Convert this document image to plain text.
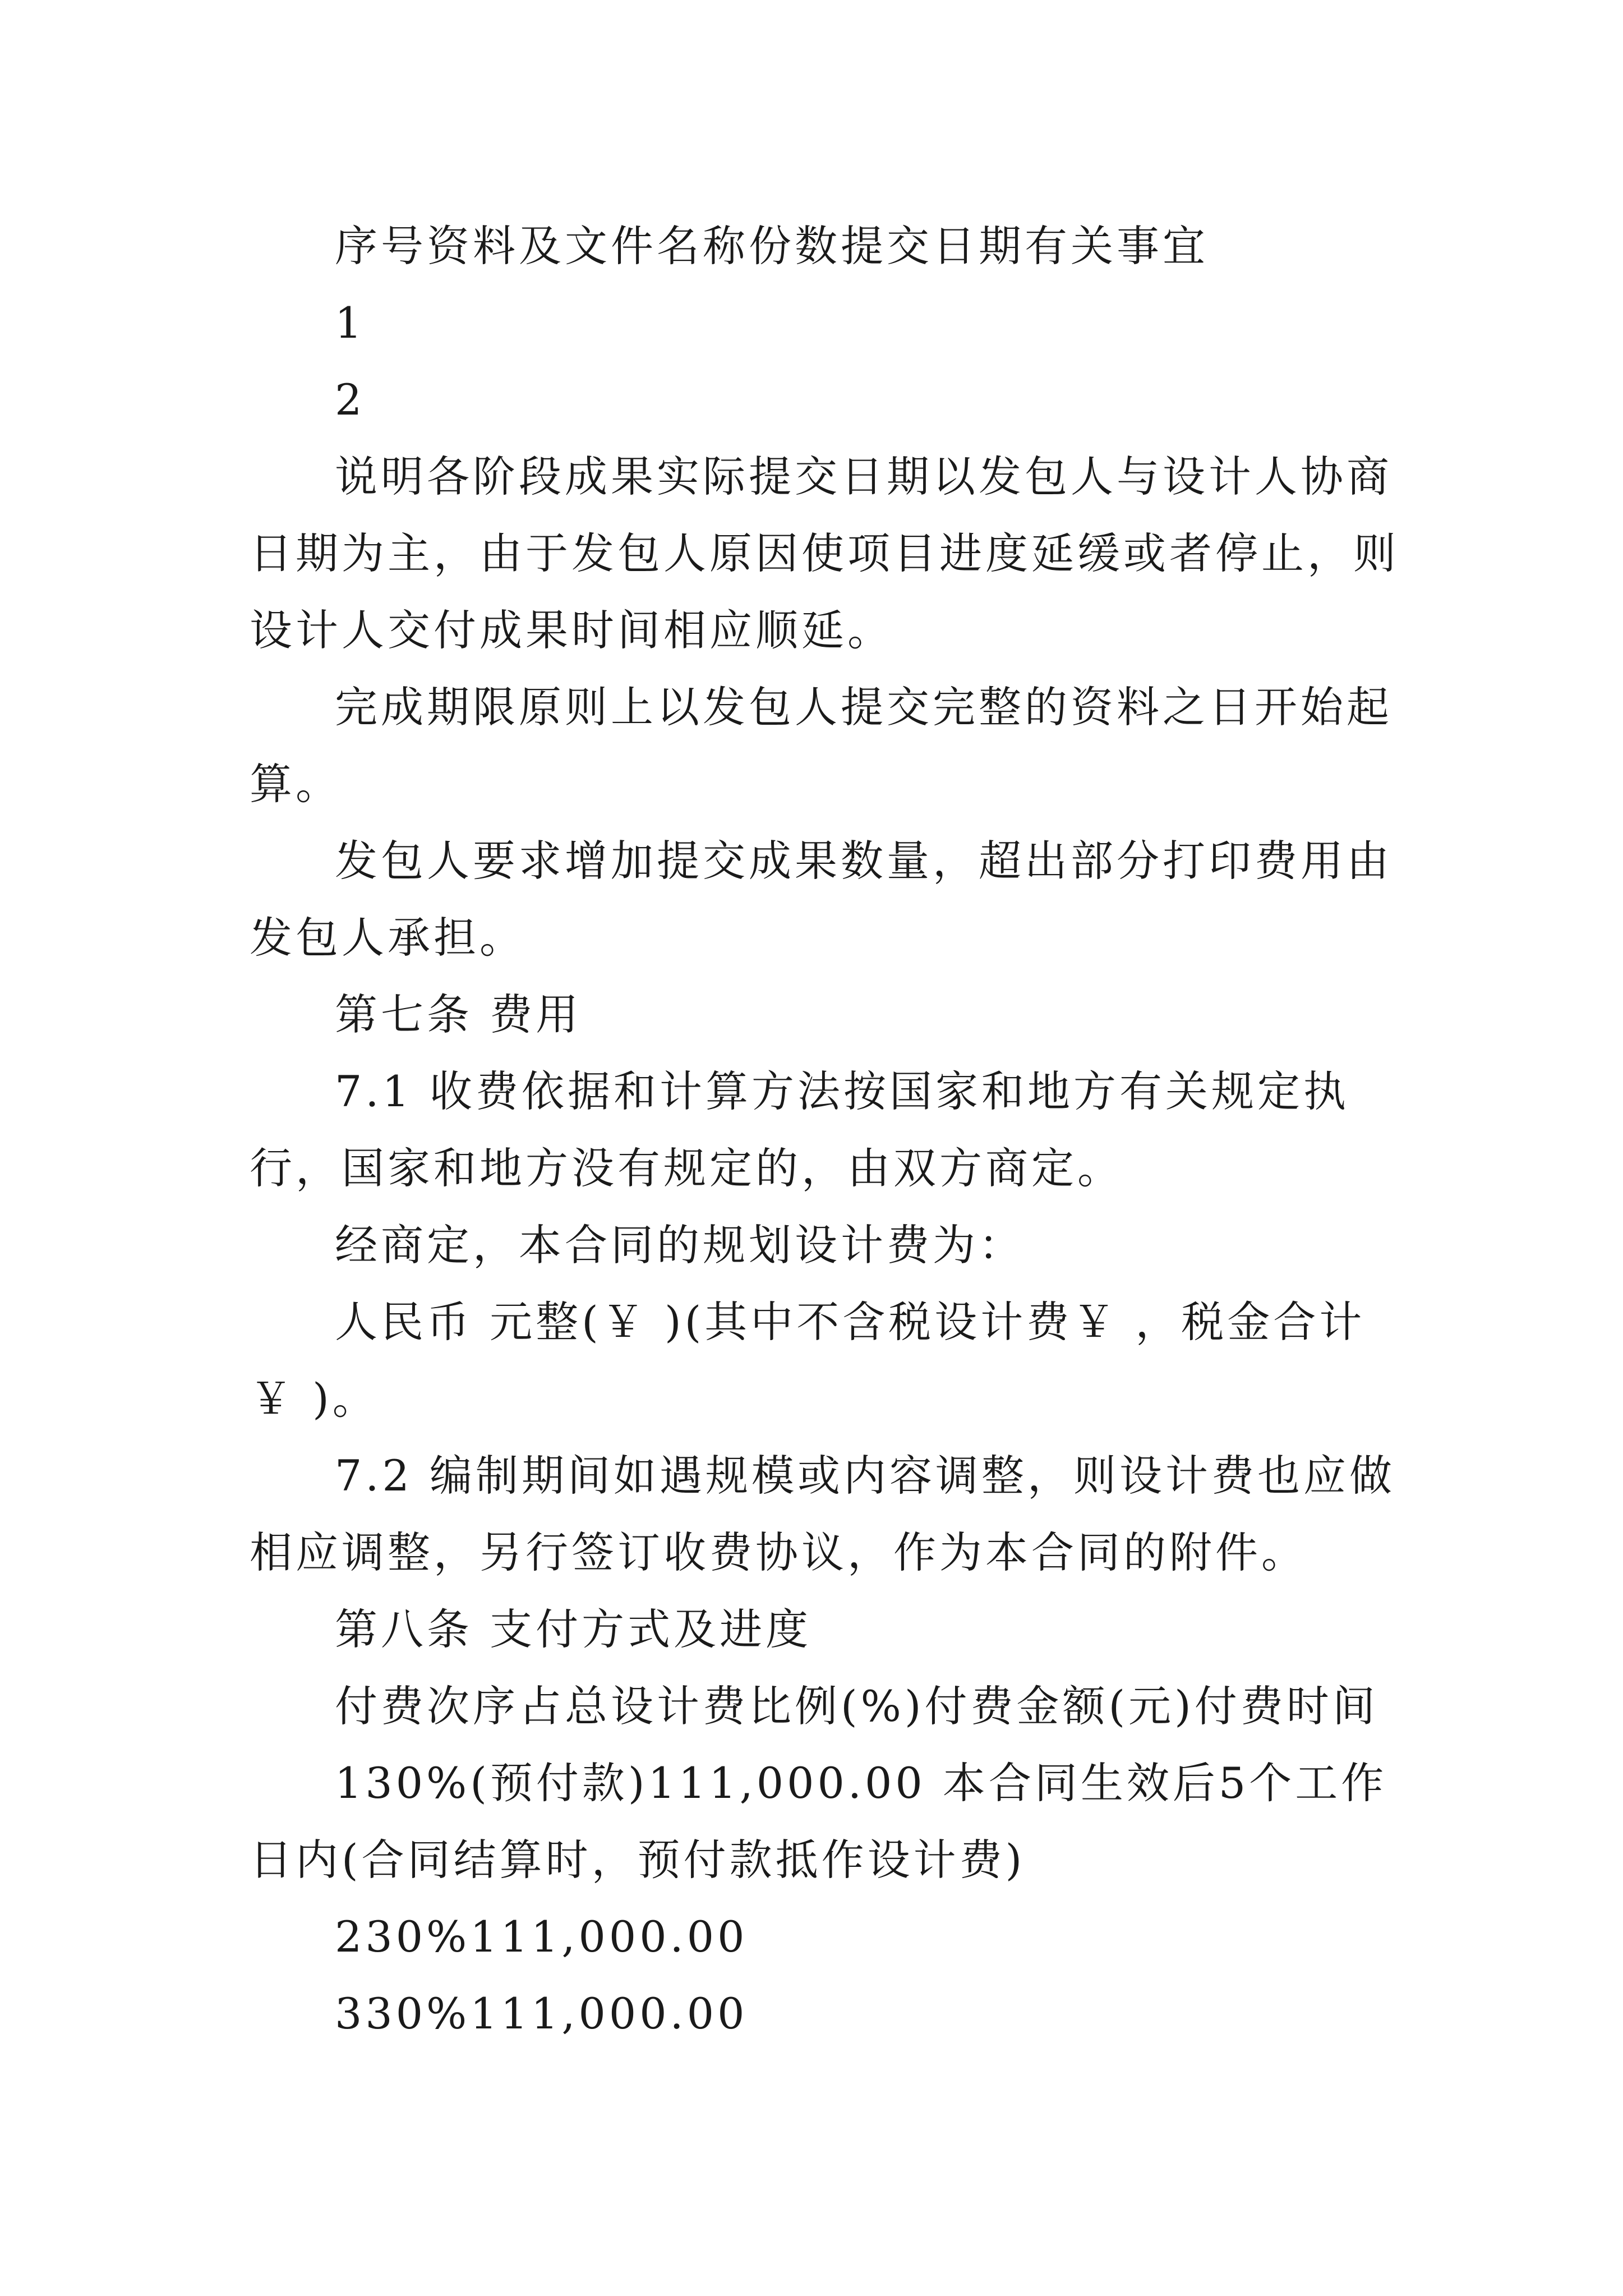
序号资料及文件名称份数提交日期有关事宜

1

2

说明各阶段成果实际提交日期以发包人与设计人协商日期为主，由于发包人原因使项目进度延缓或者停止，则设计人交付成果时间相应顺延。

完成期限原则上以发包人提交完整的资料之日开始起算。

发包人要求增加提交成果数量，超出部分打印费用由发包人承担。

第七条 费用

7.1 收费依据和计算方法按国家和地方有关规定执行，国家和地方没有规定的，由双方商定。

经商定，本合同的规划设计费为：

人民币 元整(￥ )(其中不含税设计费￥ ，税金合计￥ )。

7.2 编制期间如遇规模或内容调整，则设计费也应做相应调整，另行签订收费协议，作为本合同的附件。

第八条 支付方式及进度

付费次序占总设计费比例(%)付费金额(元)付费时间

130%(预付款)111,000.00 本合同生效后5个工作日内(合同结算时，预付款抵作设计费)

230%111,000.00

330%111,000.00
